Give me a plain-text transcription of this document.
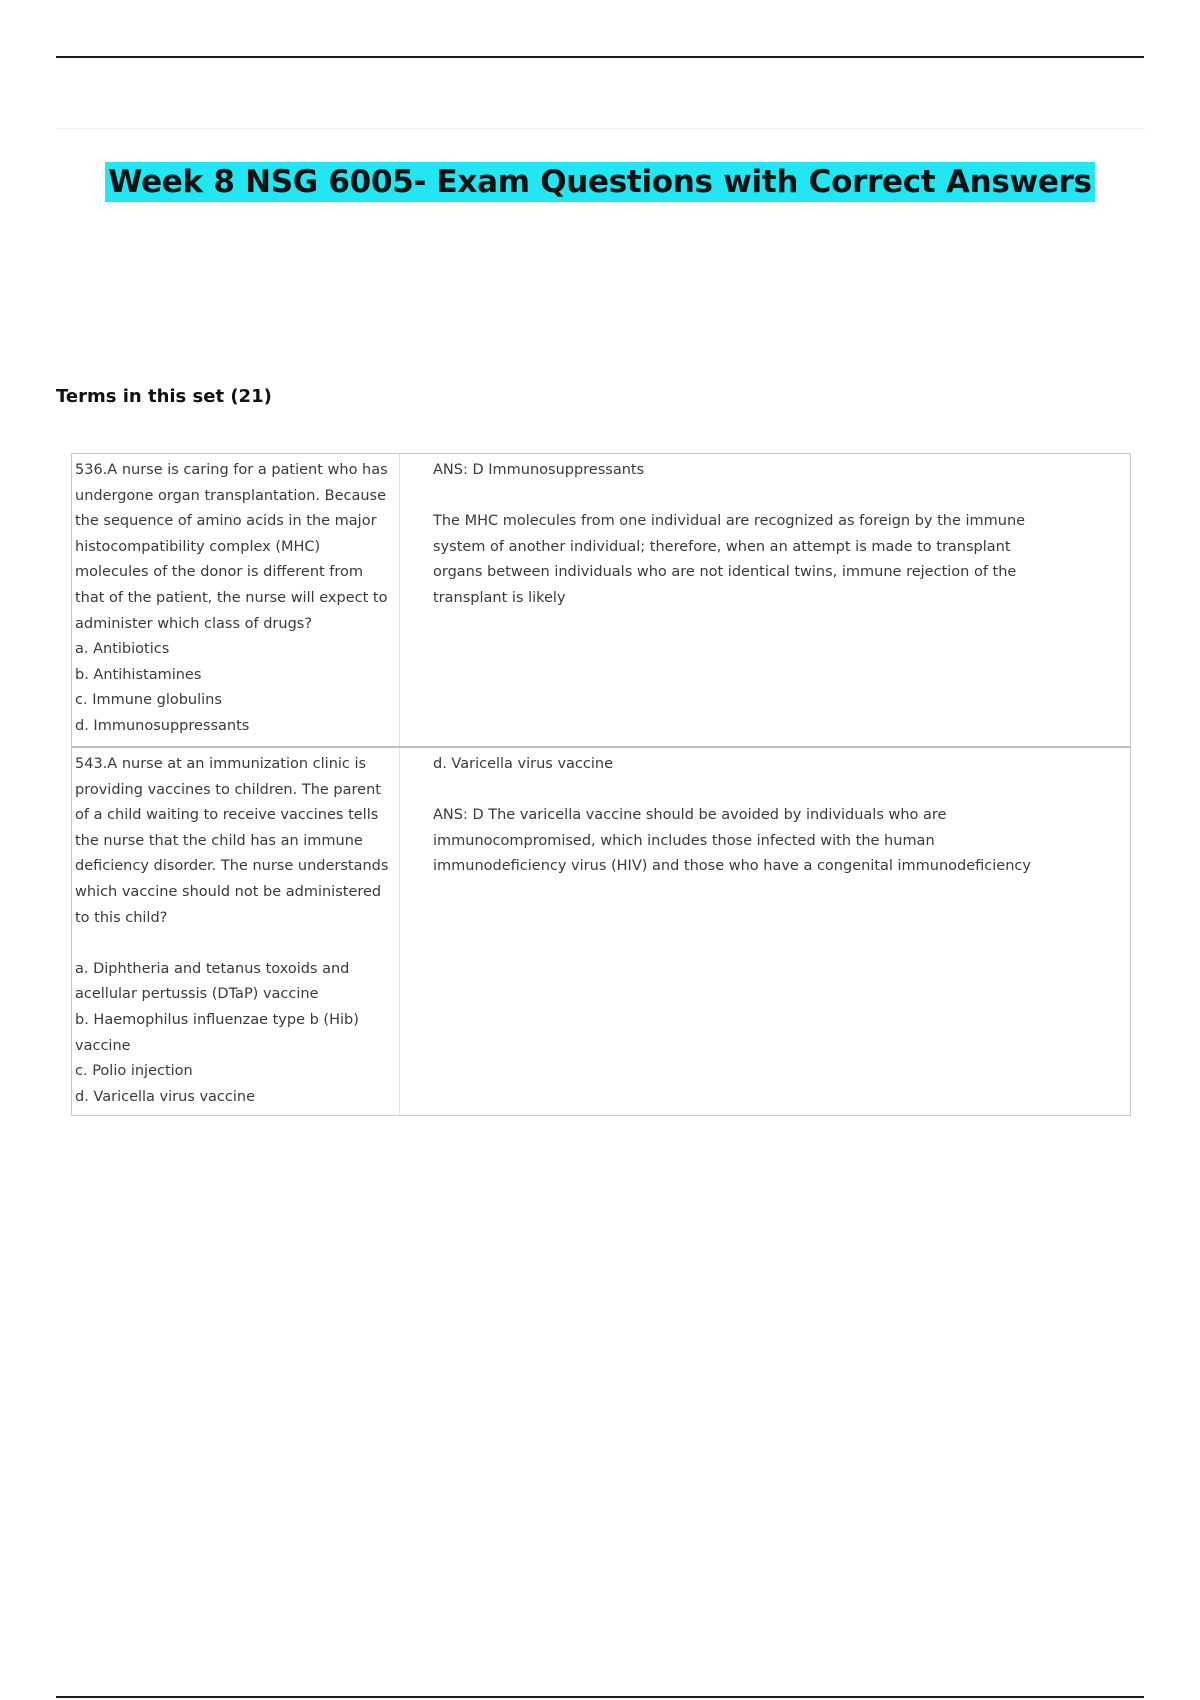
Week 8 NSG 6005- Exam Questions with Correct Answers
Terms in this set (21)
536.A nurse is caring for a patient who has
undergone organ transplantation. Because
the sequence of amino acids in the major
histocompatibility complex (MHC)
molecules of the donor is different from
that of the patient, the nurse will expect to
administer which class of drugs?
a. Antibiotics
b. Antihistamines
c. Immune globulins
d. Immunosuppressants
ANS: D Immunosuppressants
The MHC molecules from one individual are recognized as foreign by the immune
system of another individual; therefore, when an attempt is made to transplant
organs between individuals who are not identical twins, immune rejection of the
transplant is likely
543.A nurse at an immunization clinic is
providing vaccines to children. The parent
of a child waiting to receive vaccines tells
the nurse that the child has an immune
deficiency disorder. The nurse understands
which vaccine should not be administered
to this child?
a. Diphtheria and tetanus toxoids and
acellular pertussis (DTaP) vaccine
b. Haemophilus influenzae type b (Hib)
vaccine
c. Polio injection
d. Varicella virus vaccine
d. Varicella virus vaccine
ANS: D The varicella vaccine should be avoided by individuals who are
immunocompromised, which includes those infected with the human
immunodeficiency virus (HIV) and those who have a congenital immunodeficiency
